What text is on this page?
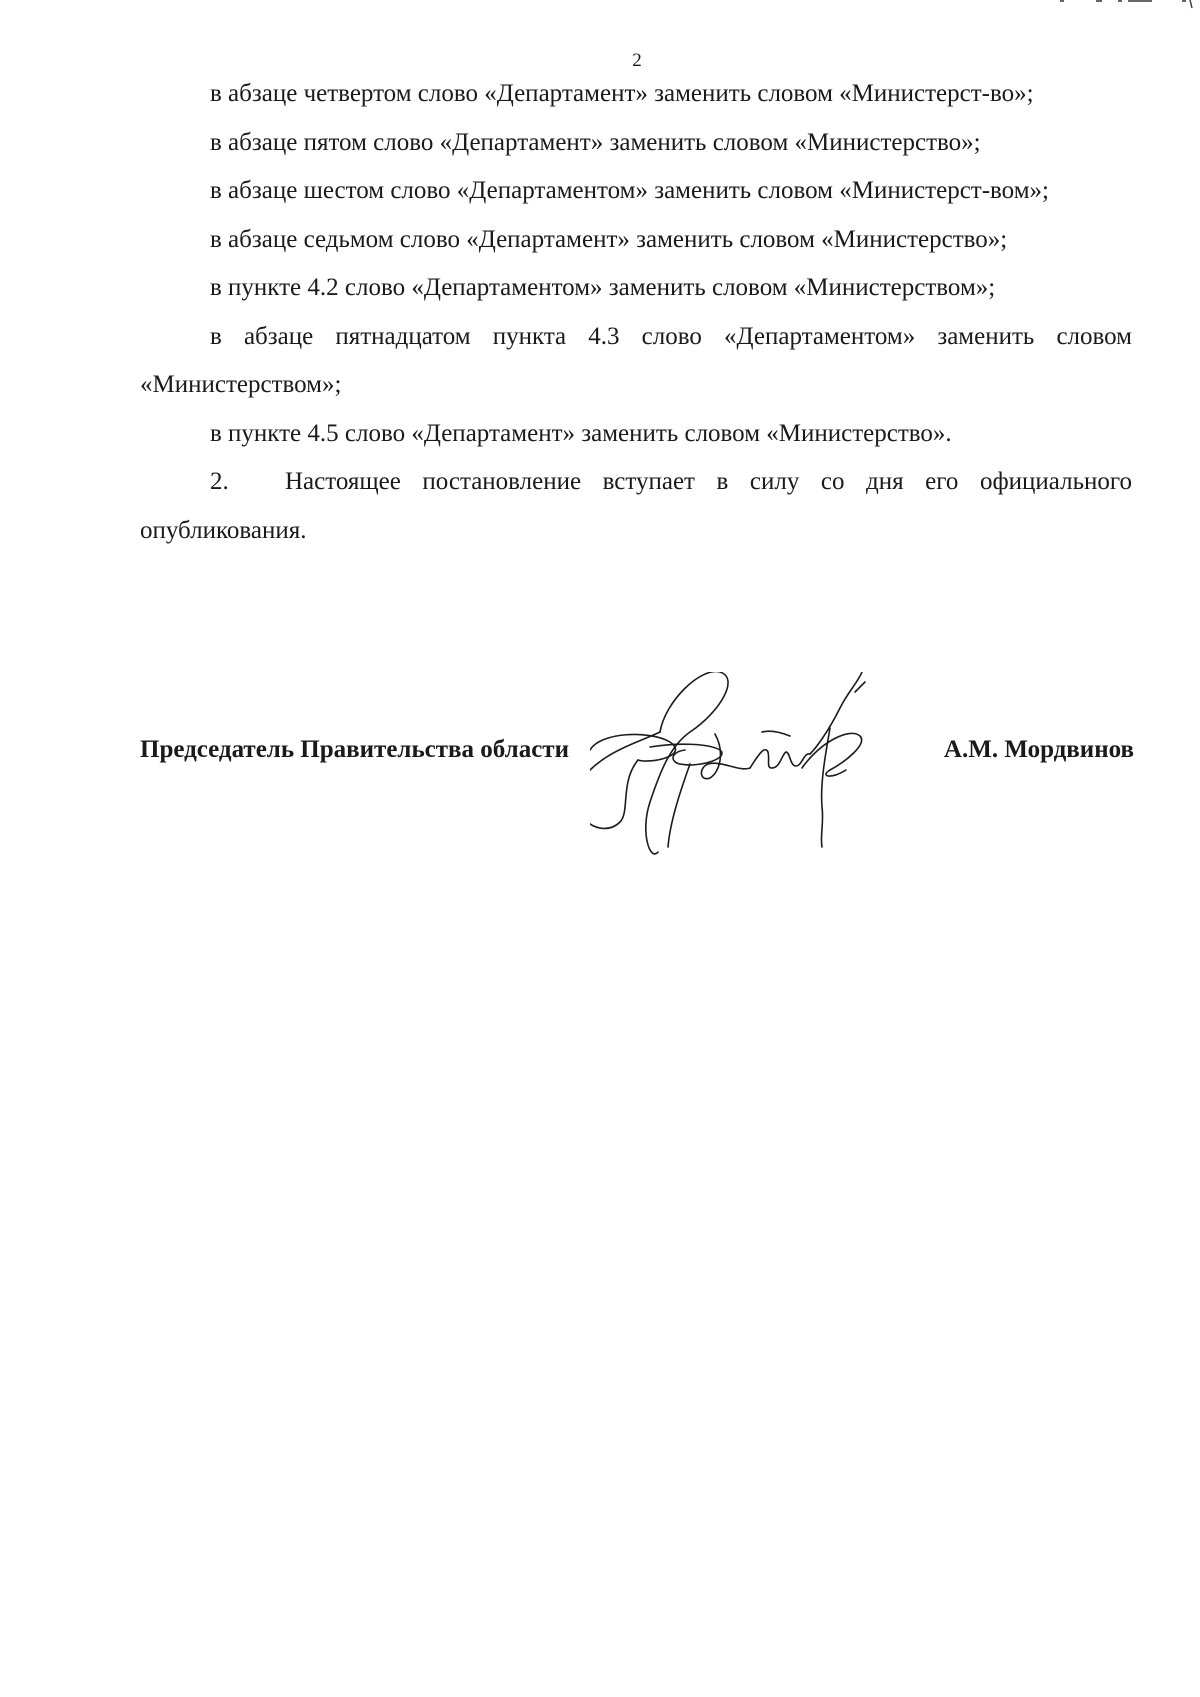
2

в абзаце четвертом слово «Департамент» заменить словом «Министерст-во»;

в абзаце пятом слово «Департамент» заменить словом «Министерство»;

в абзаце шестом слово «Департаментом» заменить словом «Министерст-вом»;

в абзаце седьмом слово «Департамент» заменить словом «Министерство»;

в пункте 4.2 слово «Департаментом» заменить словом «Министерством»;

в абзаце пятнадцатом пункта 4.3 слово «Департаментом» заменить словом «Министерством»;

в пункте 4.5 слово «Департамент» заменить словом «Министерство».

2. Настоящее постановление вступает в силу со дня его официального опубликования.

Председатель Правительства области	А.М. Мордвинов
